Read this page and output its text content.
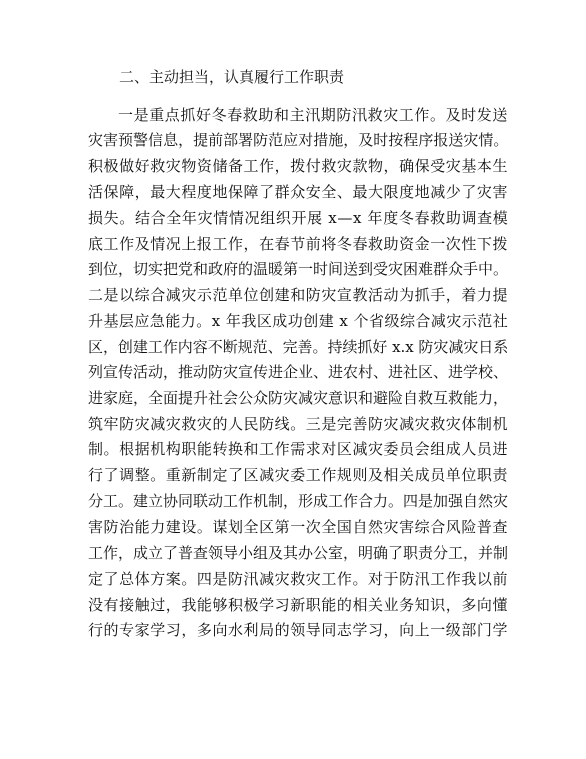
二、主动担当，认真履行工作职责
一是重点抓好冬春救助和主汛期防汛救灾工作。及时发送
灾害预警信息，提前部署防范应对措施，及时按程序报送灾情。
积极做好救灾物资储备工作，拨付救灾款物，确保受灾基本生
活保障，最大程度地保障了群众安全、最大限度地减少了灾害
损失。结合全年灾情情况组织开展 x—x 年度冬春救助调查模
底工作及情况上报工作，在春节前将冬春救助资金一次性下拨
到位，切实把党和政府的温暖第一时间送到受灾困难群众手中。
二是以综合减灾示范单位创建和防灾宣教活动为抓手，着力提
升基层应急能力。x 年我区成功创建 x 个省级综合减灾示范社
区，创建工作内容不断规范、完善。持续抓好 x.x 防灾减灾日系
列宣传活动，推动防灾宣传进企业、进农村、进社区、进学校、
进家庭，全面提升社会公众防灾减灾意识和避险自救互救能力，
筑牢防灾减灾救灾的人民防线。三是完善防灾减灾救灾体制机
制。根据机构职能转换和工作需求对区减灾委员会组成人员进
行了调整。重新制定了区减灾委工作规则及相关成员单位职责
分工。建立协同联动工作机制，形成工作合力。四是加强自然灾
害防治能力建设。谋划全区第一次全国自然灾害综合风险普查
工作，成立了普查领导小组及其办公室，明确了职责分工，并制
定了总体方案。四是防汛减灾救灾工作。对于防汛工作我以前
没有接触过，我能够积极学习新职能的相关业务知识，多向懂
行的专家学习，多向水利局的领导同志学习，向上一级部门学
